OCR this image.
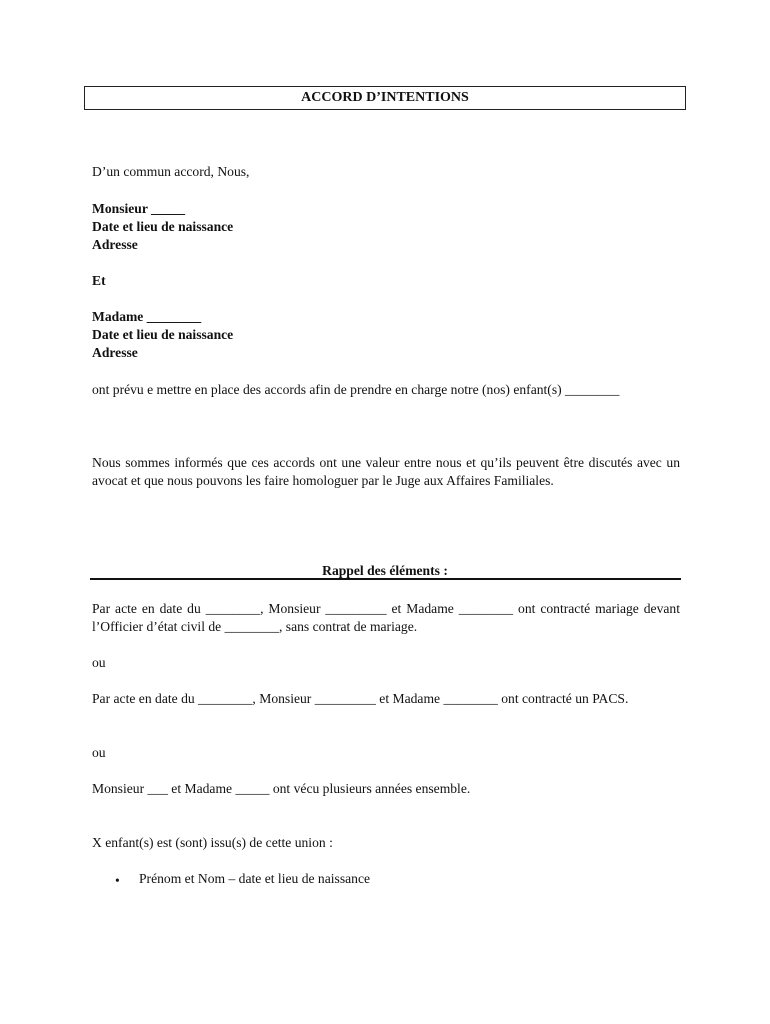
ACCORD D’INTENTIONS
D’un commun accord, Nous,
Monsieur _____
Date et lieu de naissance
Adresse
Et
Madame ________
Date et lieu de naissance
Adresse
ont prévu e mettre en place des accords afin de prendre en charge notre (nos) enfant(s) ________
Nous sommes informés que ces accords ont une valeur entre nous et qu’ils peuvent être discutés avec un avocat et que nous pouvons les faire homologuer par le Juge aux Affaires Familiales.
Rappel des éléments :
Par acte en date du ________, Monsieur _________ et Madame ________ ont contracté mariage devant l’Officier d’état civil de ________, sans contrat de mariage.
ou
Par acte en date du ________, Monsieur _________ et Madame ________ ont contracté un PACS.
ou
Monsieur ___ et Madame _____ ont vécu plusieurs années ensemble.
X enfant(s) est (sont) issu(s) de cette union :
• Prénom et Nom – date et lieu de naissance
